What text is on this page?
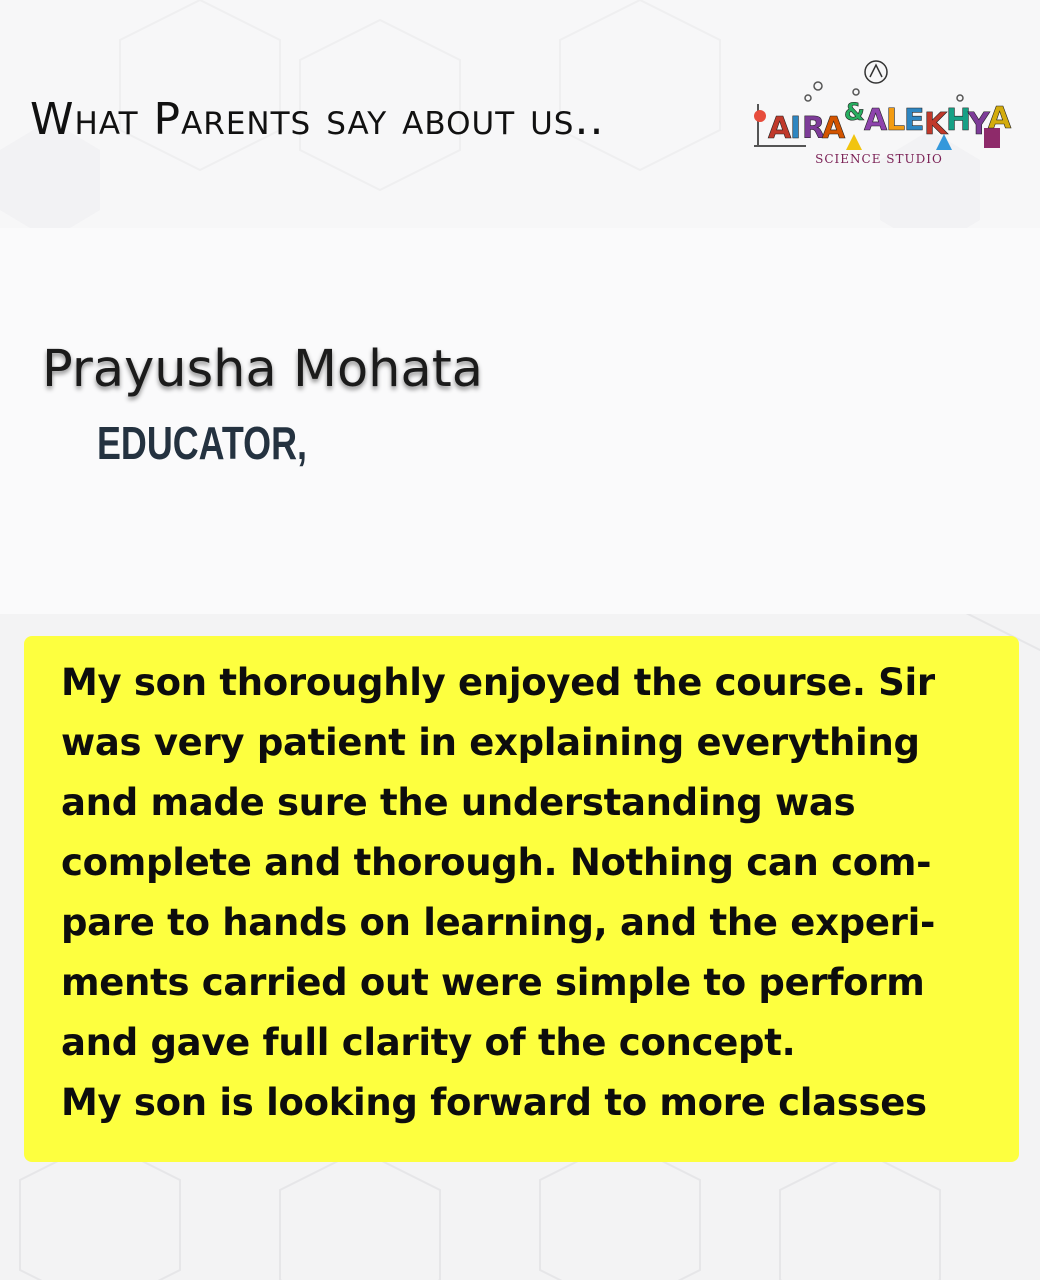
What Parents say about us..	A
I R
A
& A
L
E K
H
Y
A
SCIENCE STUDIO
Prayusha Mohata
EDUCATOR,
My son thoroughly enjoyed the course. Sir
was very patient in explaining everything
and made sure the understanding was
complete and thorough. Nothing can com-
pare to hands on learning, and the experi-
ments carried out were simple to perform
and gave full clarity of the concept.
My son is looking forward to more classes
